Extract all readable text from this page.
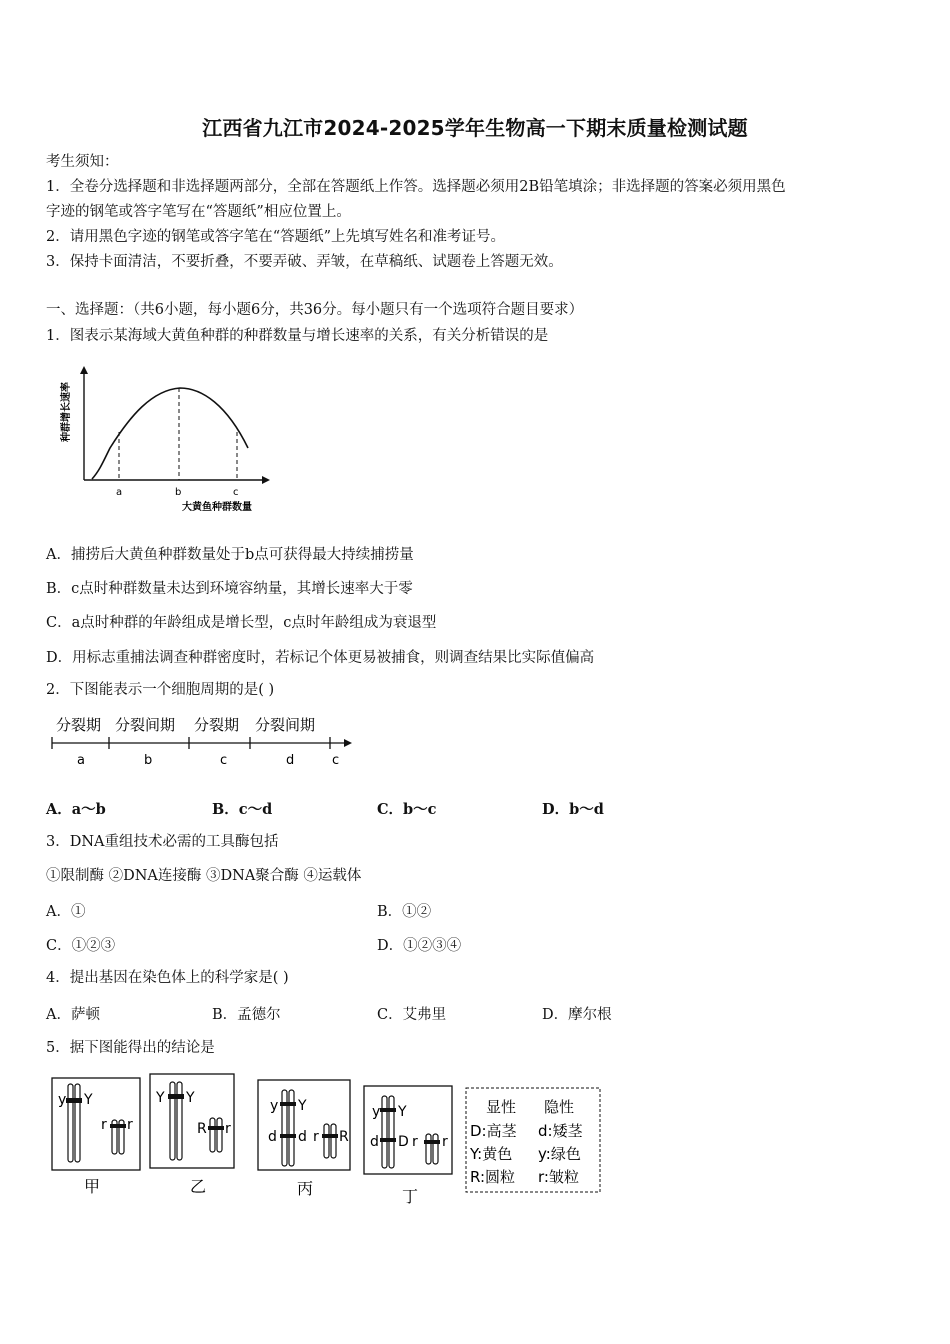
江西省九江市2024-2025学年生物高一下期末质量检测试题
考生须知：
1．全卷分选择题和非选择题两部分，全部在答题纸上作答。选择题必须用2B铅笔填涂；非选择题的答案必须用黑色
字迹的钢笔或答字笔写在“答题纸”相应位置上。
2．请用黑色字迹的钢笔或答字笔在“答题纸”上先填写姓名和准考证号。
3．保持卡面清洁，不要折叠，不要弄破、弄皱，在草稿纸、试题卷上答题无效。
一、选择题：（共6小题，每小题6分，共36分。每小题只有一个选项符合题目要求）
1．图表示某海域大黄鱼种群的种群数量与增长速率的关系，有关分析错误的是
a	b	c
大黄鱼种群数量
种群增长速率
A．捕捞后大黄鱼种群数量处于b点可获得最大持续捕捞量
B．c点时种群数量未达到环境容纳量，其增长速率大于零
C．a点时种群的年龄组成是增长型，c点时年龄组成为衰退型
D．用标志重捕法调查种群密度时，若标记个体更易被捕食，则调查结果比实际值偏高
2．下图能表示一个细胞周期的是( )
分裂期 分裂间期 分裂期 分裂间期
a	b	c	d	c
A．a～b	B．c～d	C．b～c	D．b～d
3．DNA重组技术必需的工具酶包括
①限制酶 ②DNA连接酶 ③DNA聚合酶 ④运载体
A．①	B．①②
C．①②③	D．①②③④
4．提出基因在染色体上的科学家是( )
A．萨顿	B．孟德尔	C．艾弗里	D．摩尔根
5．据下图能得出的结论是
y Y
r r
甲
Y Y
R r
乙
y Y
d d r R
丙
y Y
d D r r
丁
显性 隐性
D:高茎 d:矮茎
Y:黄色 y:绿色
R:圆粒 r:皱粒
